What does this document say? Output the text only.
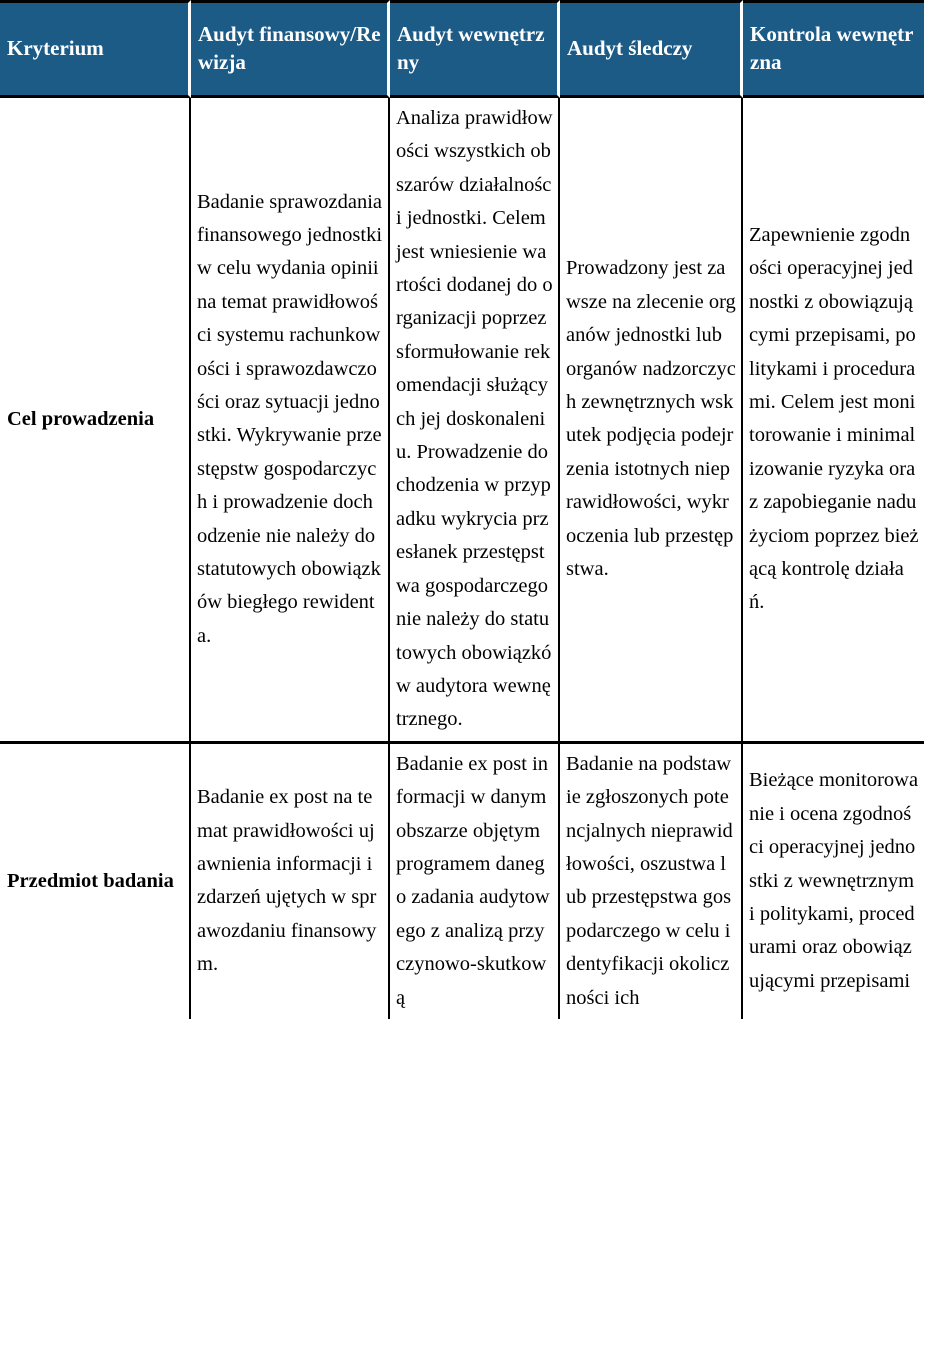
Kryterium	Audyt finansowy/Rewizja	Audyt wewnętrzny	Audyt śledczy	Kontrola wewnętrzna
Cel prowadzenia	Badanie sprawozdania finansowego jednostki w celu wydania opinii na temat prawidłowości systemu rachunkowości i sprawozdawczości oraz sytuacji jednostki. Wykrywanie przestępstw gospodarczych i prowadzenie dochodzenie nie należy do statutowych obowiązków biegłego rewidenta.	Analiza prawidłowości wszystkich obszarów działalności jednostki. Celem jest wniesienie wartości dodanej do organizacji poprzez sformułowanie rekomendacji służących jej doskonaleniu. Prowadzenie dochodzenia w przypadku wykrycia przesłanek przestępstwa gospodarczego nie należy do statutowych obowiązków audytora wewnętrznego.	Prowadzony jest zawsze na zlecenie organów jednostki lub organów nadzorczych zewnętrznych wskutek podjęcia podejrzenia istotnych nieprawidłowości, wykroczenia lub przestępstwa.	Zapewnienie zgodności operacyjnej jednostki z obowiązującymi przepisami, politykami i procedurami. Celem jest monitorowanie i minimalizowanie ryzyka oraz zapobieganie nadużyciom poprzez bieżącą kontrolę działań.
Przedmiot badania	Badanie ex post na temat prawidłowości ujawnienia informacji i zdarzeń ujętych w sprawozdaniu finansowym.	Badanie ex post informacji w danym obszarze objętym programem danego zadania audytowego z analizą przyczynowo-skutkową	Badanie na podstawie zgłoszonych potencjalnych nieprawidłowości, oszustwa lub przestępstwa gospodarczego w celu identyfikacji okoliczności ich	Bieżące monitorowanie i ocena zgodności operacyjnej jednostki z wewnętrznymi politykami, procedurami oraz obowiązującymi przepisami
